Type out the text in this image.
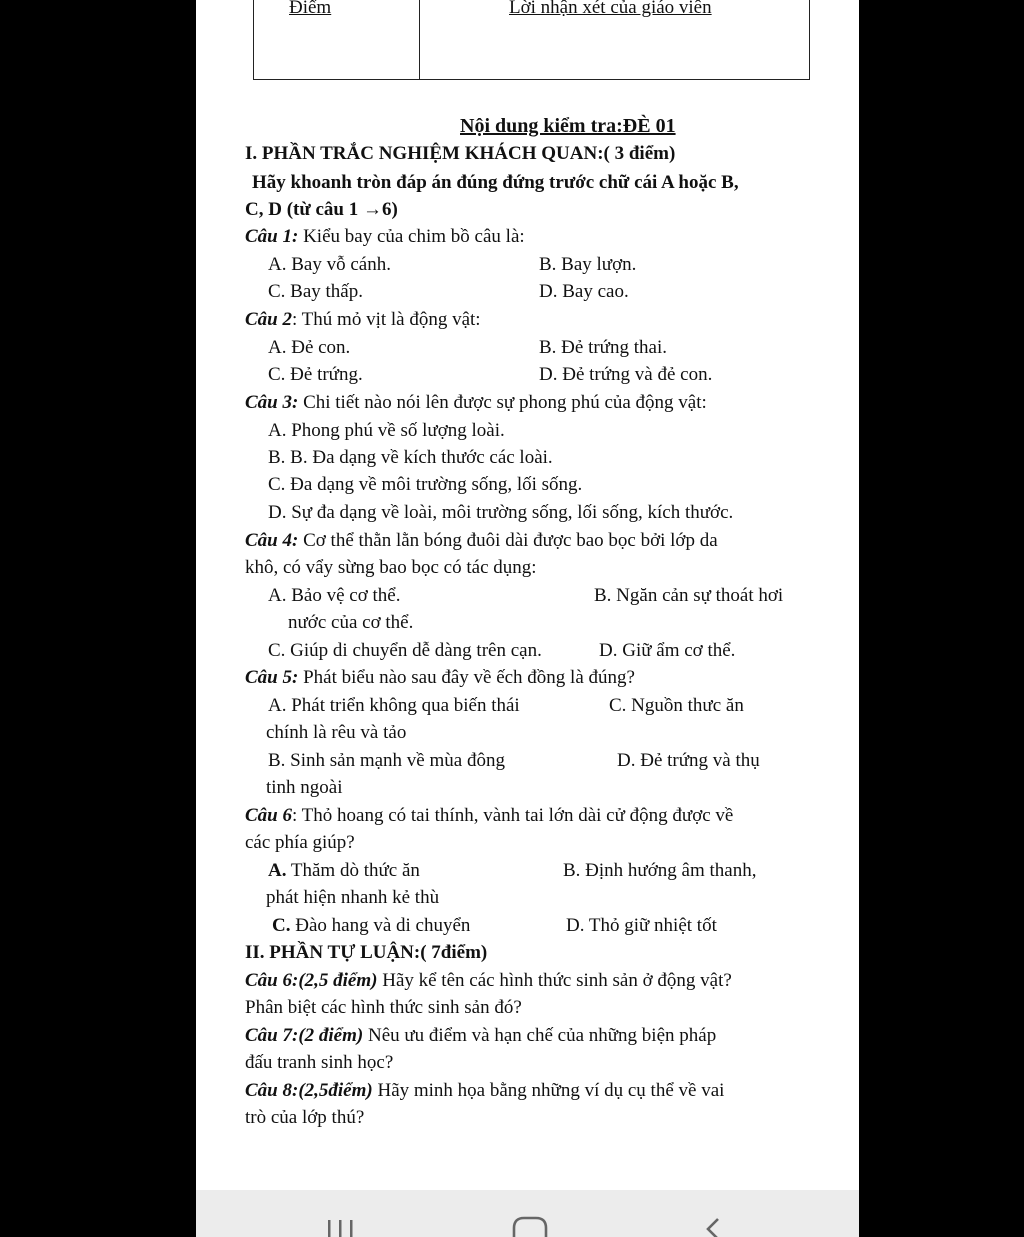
Điểm	Lời nhận xét của giáo viên
Nội dung kiểm tra:ĐÈ 01
I. PHẦN TRẮC NGHIỆM KHÁCH QUAN:( 3 điểm)
Hãy khoanh tròn đáp án đúng đứng trước chữ cái A hoặc B,
C, D (từ câu 1 →6)
Câu 1: Kiểu bay của chim bồ câu là:
A. Bay vỗ cánh.	B. Bay lượn.
C. Bay thấp.	D. Bay cao.
Câu 2: Thú mỏ vịt là động vật:
A. Đẻ con.	B. Đẻ trứng thai.
C. Đẻ trứng.	D. Đẻ trứng và đẻ con.
Câu 3: Chi tiết nào nói lên được sự phong phú của động vật:
A. Phong phú về số lượng loài.
B. B. Đa dạng về kích thước các loài.
C. Đa dạng về môi trường sống, lối sống.
D. Sự đa dạng về loài, môi trường sống, lối sống, kích thước.
Câu 4: Cơ thể thằn lằn bóng đuôi dài được bao bọc bởi lớp da
khô, có vẩy sừng bao bọc có tác dụng:
A. Bảo vệ cơ thể.	B. Ngăn cản sự thoát hơi
nước của cơ thể.
C. Giúp di chuyển dễ dàng trên cạn.	D. Giữ ẩm cơ thể.
Câu 5: Phát biểu nào sau đây về ếch đồng là đúng?
A. Phát triển không qua biến thái	C. Nguồn thưc ăn
chính là rêu và tảo
B. Sinh sản mạnh về mùa đông	D. Đẻ trứng và thụ
tinh ngoài
Câu 6: Thỏ hoang có tai thính, vành tai lớn dài cử động được về
các phía giúp?
A. Thăm dò thức ăn	B. Định hướng âm thanh,
phát hiện nhanh kẻ thù
C. Đào hang và di chuyển	D. Thỏ giữ nhiệt tốt
II. PHẦN TỰ LUẬN:( 7điểm)
Câu 6:(2,5 điểm) Hãy kể tên các hình thức sinh sản ở động vật?
Phân biệt các hình thức sinh sản đó?
Câu 7:(2 điểm) Nêu ưu điểm và hạn chế của những biện pháp
đấu tranh sinh học?
Câu 8:(2,5điểm) Hãy minh họa bằng những ví dụ cụ thể về vai
trò của lớp thú?
